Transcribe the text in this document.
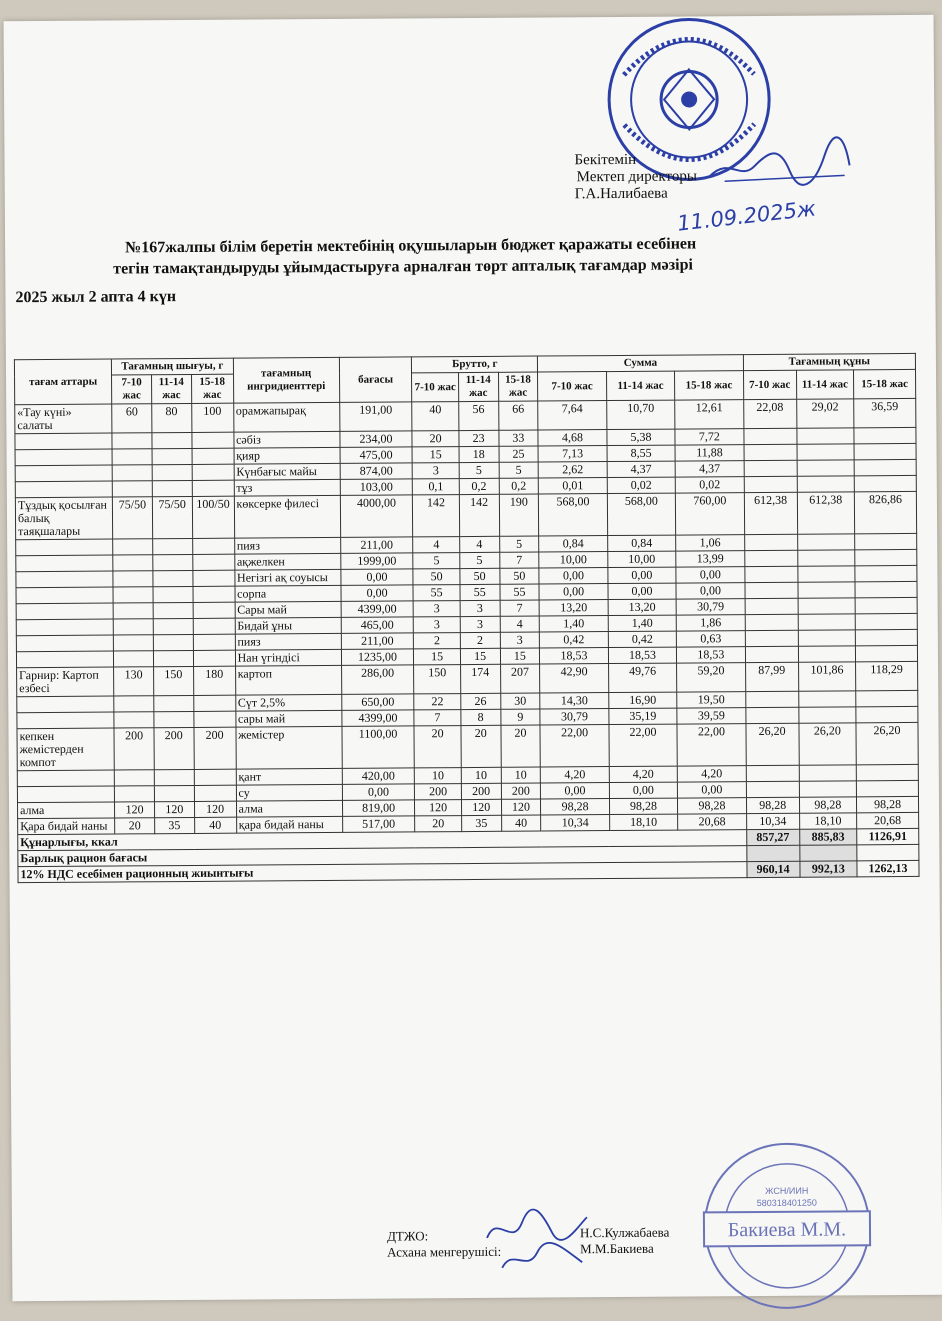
Бекітемін
Мектеп директоры
Г.А.Налибаева
11.09.2025ж
№167жалпы білім беретін мектебінің оқушыларын бюджет қаражаты есебінен
тегін тамақтандыруды ұйымдастыруға арналған төрт апталық тағамдар мәзірі
2025 жыл 2 апта 4 күн
тағам аттары	Тағамның шығуы, г			тағамның ингридиенттері	бағасы	Брутто, г			Сумма			Тағамның құны		
	7-10 жас	11-14 жас	15-18 жас			7-10 жас	11-14 жас	15-18 жас	7-10 жас	11-14 жас	15-18 жас	7-10 жас	11-14 жас	15-18 жас
«Тау күні» салаты	60	80	100	орамжапырақ	191,00	40	56	66	7,64	10,70	12,61	22,08	29,02	36,59
				сәбіз	234,00	20	23	33	4,68	5,38	7,72			
				қияр	475,00	15	18	25	7,13	8,55	11,88			
				Күнбағыс майы	874,00	3	5	5	2,62	4,37	4,37			
				тұз	103,00	0,1	0,2	0,2	0,01	0,02	0,02			
Тұздық қосылған балық таяқшалары	75/50	75/50	100/50	көксерке филесі	4000,00	142	142	190	568,00	568,00	760,00	612,38	612,38	826,86
				пияз	211,00	4	4	5	0,84	0,84	1,06			
				ақжелкен	1999,00	5	5	7	10,00	10,00	13,99			
				Негізгі ақ соуысы	0,00	50	50	50	0,00	0,00	0,00			
				сорпа	0,00	55	55	55	0,00	0,00	0,00			
				Сары май	4399,00	3	3	7	13,20	13,20	30,79			
				Бидай ұны	465,00	3	3	4	1,40	1,40	1,86			
				пияз	211,00	2	2	3	0,42	0,42	0,63			
				Нан үгіндісі	1235,00	15	15	15	18,53	18,53	18,53			
Гарнир: Картоп езбесі	130	150	180	картоп	286,00	150	174	207	42,90	49,76	59,20	87,99	101,86	118,29
				Сүт 2,5%	650,00	22	26	30	14,30	16,90	19,50			
				сары май	4399,00	7	8	9	30,79	35,19	39,59			
кепкен жемістерден компот	200	200	200	жемістер	1100,00	20	20	20	22,00	22,00	22,00	26,20	26,20	26,20
				қант	420,00	10	10	10	4,20	4,20	4,20			
				су	0,00	200	200	200	0,00	0,00	0,00			
алма	120	120	120	алма	819,00	120	120	120	98,28	98,28	98,28	98,28	98,28	98,28
Қара бидай наны	20	35	40	қара бидай наны	517,00	20	35	40	10,34	18,10	20,68	10,34	18,10	20,68
Құнарлығы, ккал												857,27	885,83	1126,91
Барлық рацион бағасы														
12% НДС есебімен рационның жиынтығы												960,14	992,13	1262,13
ДТЖО:
Асхана менгерушісі:
Н.С.Кулжабаева
М.М.Бакиева
ЖСН/ИИН
580318401250
Бакиева М.М.
